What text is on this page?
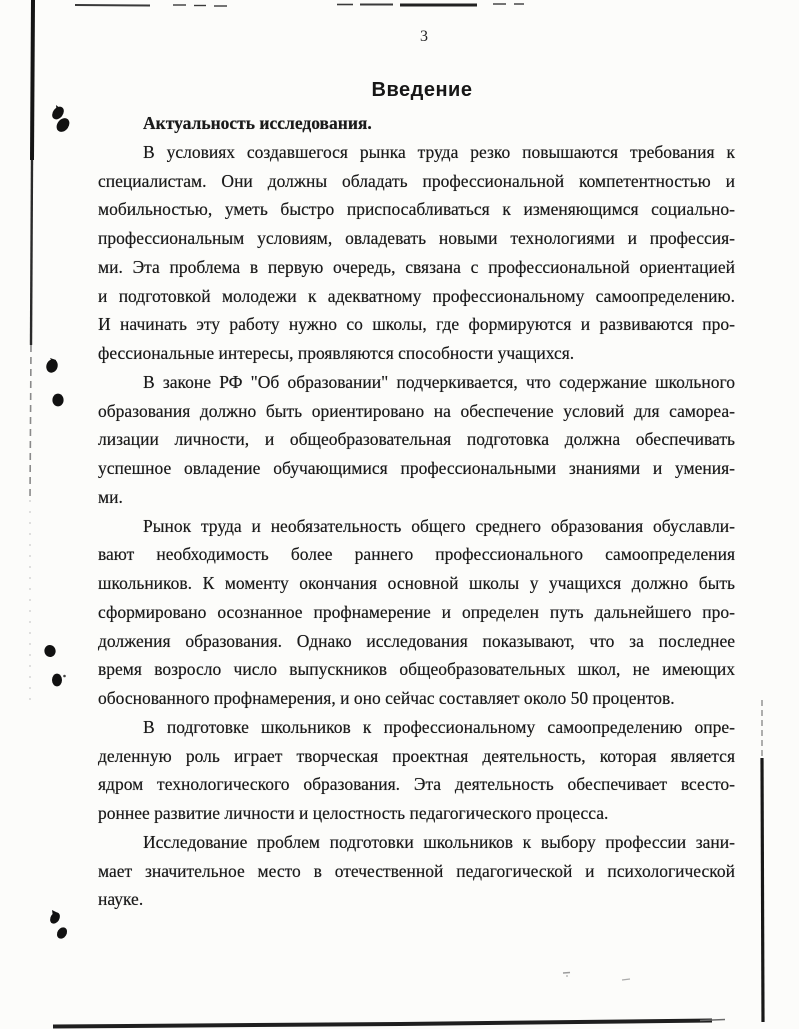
3
Введение
Актуальность исследования.
В условиях создавшегося рынка труда резко повышаются требования к
специалистам. Они должны обладать профессиональной компетентностью и
мобильностью, уметь быстро приспосабливаться к изменяющимся социально-
профессиональным условиям, овладевать новыми технологиями и профессия-
ми. Эта проблема в первую очередь, связана с профессиональной ориентацией
и подготовкой молодежи к адекватному профессиональному самоопределению.
И начинать эту работу нужно со школы, где формируются и развиваются про-
фессиональные интересы, проявляются способности учащихся.
В законе РФ "Об образовании" подчеркивается, что содержание школьного
образования должно быть ориентировано на обеспечение условий для самореа-
лизации личности, и общеобразовательная подготовка должна обеспечивать
успешное овладение обучающимися профессиональными знаниями и умения-
ми.
Рынок труда и необязательность общего среднего образования обуславли-
вают необходимость более раннего профессионального самоопределения
школьников. К моменту окончания основной школы у учащихся должно быть
сформировано осознанное профнамерение и определен путь дальнейшего про-
должения образования. Однако исследования показывают, что за последнее
время возросло число выпускников общеобразовательных школ, не имеющих
обоснованного профнамерения, и оно сейчас составляет около 50 процентов.
В подготовке школьников к профессиональному самоопределению опре-
деленную роль играет творческая проектная деятельность, которая является
ядром технологического образования. Эта деятельность обеспечивает всесто-
роннее развитие личности и целостность педагогического процесса.
Исследование проблем подготовки школьников к выбору профессии зани-
мает значительное место в отечественной педагогической и психологической
науке.
